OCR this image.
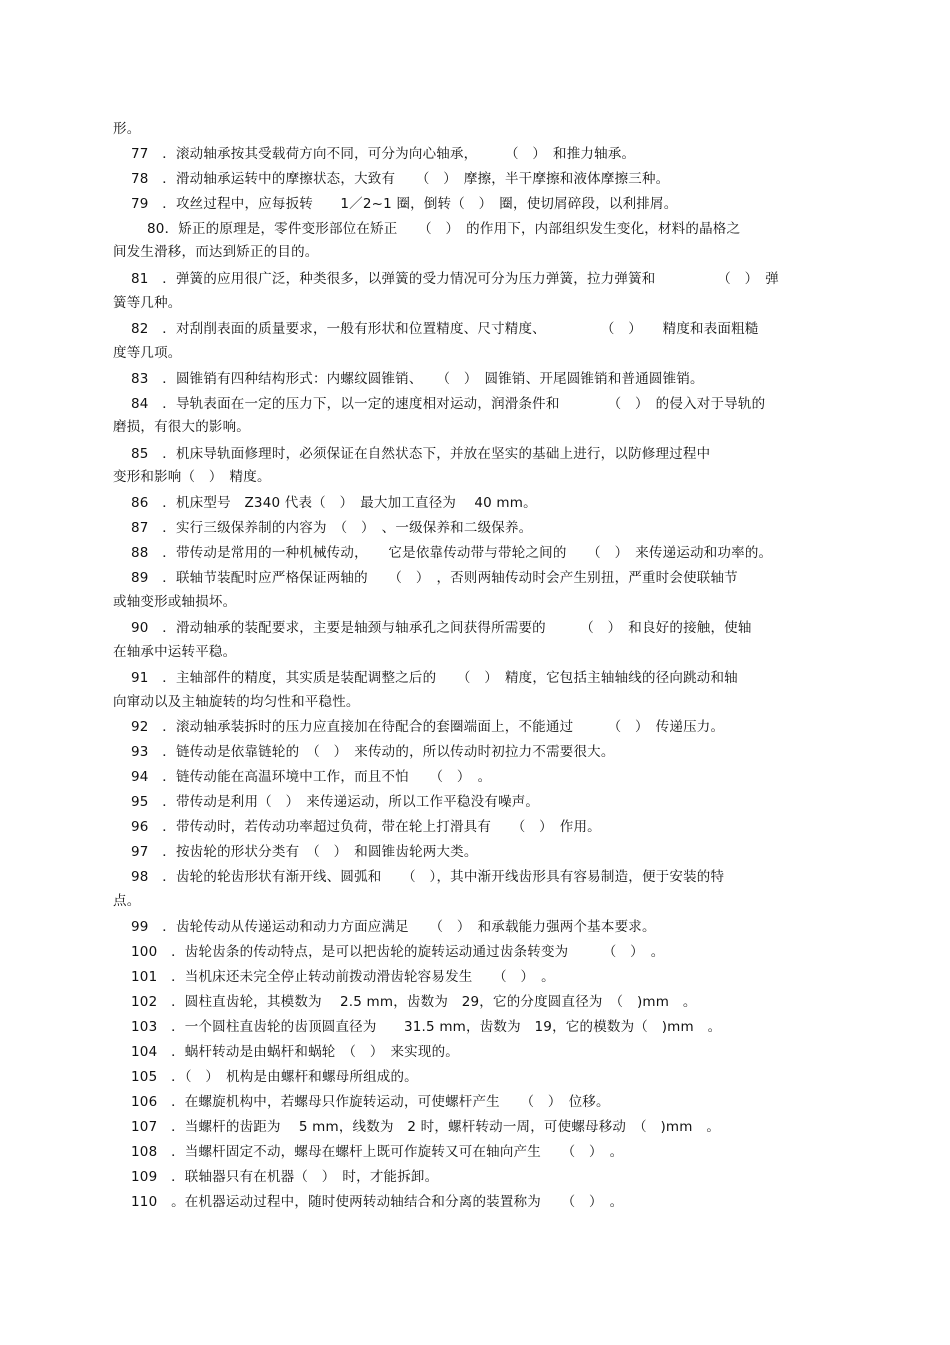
形。
77　．滚动轴承按其受载荷方向不同，可分为向心轴承，　　　（　）　和推力轴承。
78　．滑动轴承运转中的摩擦状态，大致有　　（　）　摩擦，半干摩擦和液体摩擦三种。
79　．攻丝过程中，应每扳转　　1／2~1 圈，倒转（　）　圈，使切屑碎段，以利排屑。
80．矫正的原理是，零件变形部位在矫正　　（　）　的作用下，内部组织发生变化，材料的晶格之
间发生滑移，而达到矫正的目的。
81　．弹簧的应用很广泛，种类很多，以弹簧的受力情况可分为压力弹簧，拉力弹簧和　　　　　（　）　弹
簧等几种。
82　．对刮削表面的质量要求，一般有形状和位置精度、尺寸精度、　　　　　（　）　　精度和表面粗糙
度等几项。
83　．圆锥销有四种结构形式：内螺纹圆锥销、　　（　）　圆锥销、开尾圆锥销和普通圆锥销。
84　．导轨表面在一定的压力下，以一定的速度相对运动，润滑条件和　　　　（　）　的侵入对于导轨的
磨损，有很大的影响。
85　．机床导轨面修理时，必须保证在自然状态下，并放在坚实的基础上进行，以防修理过程中
变形和影响（　）　精度。
86　．机床型号　Z340 代表（　）　最大加工直径为　 40 mm。
87　．实行三级保养制的内容为　（　）　、一级保养和二级保养。
88　．带传动是常用的一种机械传动，　　它是依靠传动带与带轮之间的　　（　）　来传递运动和功率的。
89　．联轴节装配时应严格保证两轴的　　（　）　，否则两轴传动时会产生别扭，严重时会使联轴节
或轴变形或轴损坏。
90　．滑动轴承的装配要求，主要是轴颈与轴承孔之间获得所需要的　　　（　）　和良好的接触，使轴
在轴承中运转平稳。
91　．主轴部件的精度，其实质是装配调整之后的　　（　）　精度，它包括主轴轴线的径向跳动和轴
向窜动以及主轴旋转的均匀性和平稳性。
92　．滚动轴承装拆时的压力应直接加在待配合的套圈端面上，不能通过　　　（　）　传递压力。
93　．链传动是依靠链轮的　（　）　来传动的，所以传动时初拉力不需要很大。
94　．链传动能在高温环境中工作，而且不怕　　（　）　。
95　．带传动是利用（　）　来传递运动，所以工作平稳没有噪声。
96　．带传动时，若传动功率超过负荷，带在轮上打滑具有　　（　）　作用。
97　．按齿轮的形状分类有　（　）　和圆锥齿轮两大类。
98　．齿轮的轮齿形状有渐开线、圆弧和　　（　），其中渐开线齿形具有容易制造，便于安装的特
点。
99　．齿轮传动从传递运动和动力方面应满足　　（　）　和承载能力强两个基本要求。
100　．齿轮齿条的传动特点，是可以把齿轮的旋转运动通过齿条转变为　　　（　）　。
101　．当机床还未完全停止转动前拨动滑齿轮容易发生　　（　）　。
102　．圆柱直齿轮，其模数为　 2.5 mm，齿数为　29，它的分度圆直径为　（　)mm　。
103　．一个圆柱直齿轮的齿顶圆直径为　　31.5 mm，齿数为　19，它的模数为（　)mm　。
104　．蜗杆转动是由蜗杆和蜗轮　（　）　来实现的。
105　．（　）　机构是由螺杆和螺母所组成的。
106　．在螺旋机构中，若螺母只作旋转运动，可使螺杆产生　　（　）　位移。
107　．当螺杆的齿距为　 5 mm，线数为　2 时，螺杆转动一周，可使螺母移动　（　)mm　。
108　．当螺杆固定不动，螺母在螺杆上既可作旋转又可在轴向产生　　（　）　。
109　．联轴器只有在机器（　）　时，才能拆卸。
110　。在机器运动过程中，随时使两转动轴结合和分离的装置称为　　（　）　。
